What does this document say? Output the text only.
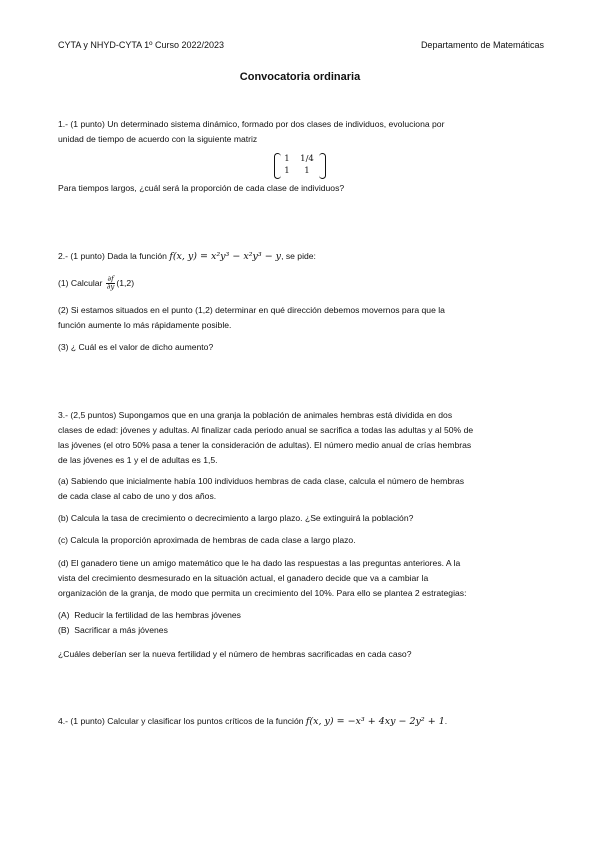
CYTA y NHYD-CYTA 1º Curso 2022/2023	Departamento de Matemáticas
Convocatoria ordinaria
1.- (1 punto) Un determinado sistema dinámico, formado por dos clases de individuos, evoluciona por
unidad de tiempo de acuerdo con la siguiente matriz
1	1/4
1	1
Para tiempos largos, ¿cuál será la proporción de cada clase de individuos?
2.- (1 punto) Dada la función f(x, y) = x²y³ − x²y³ − y, se pide:
(1) Calcular $\frac{\partial f}{\partial y} (1,2)$
(2) Si estamos situados en el punto (1,2) determinar en qué dirección debemos movernos para que la
función aumente lo más rápidamente posible.
(3) ¿ Cuál es el valor de dicho aumento?
3.- (2,5 puntos) Supongamos que en una granja la población de animales hembras está dividida en dos
clases de edad: jóvenes y adultas. Al finalizar cada periodo anual se sacrifica a todas las adultas y al 50% de
las jóvenes (el otro 50% pasa a tener la consideración de adultas). El número medio anual de crías hembras
de las jóvenes es 1 y el de adultas es 1,5.
(a) Sabiendo que inicialmente había 100 individuos hembras de cada clase, calcula el número de hembras
de cada clase al cabo de uno y dos años.
(b) Calcula la tasa de crecimiento o decrecimiento a largo plazo. ¿Se extinguirá la población?
(c) Calcula la proporción aproximada de hembras de cada clase a largo plazo.
(d) El ganadero tiene un amigo matemático que le ha dado las respuestas a las preguntas anteriores. A la
vista del crecimiento desmesurado en la situación actual, el ganadero decide que va a cambiar la
organización de la granja, de modo que permita un crecimiento del 10%. Para ello se plantea 2 estrategias:
(A) Reducir la fertilidad de las hembras jóvenes
(B) Sacrificar a más jóvenes
¿Cuáles deberían ser la nueva fertilidad y el número de hembras sacrificadas en cada caso?
4.- (1 punto) Calcular y clasificar los puntos críticos de la función f(x, y) = −x³ + 4xy − 2y² + 1.
